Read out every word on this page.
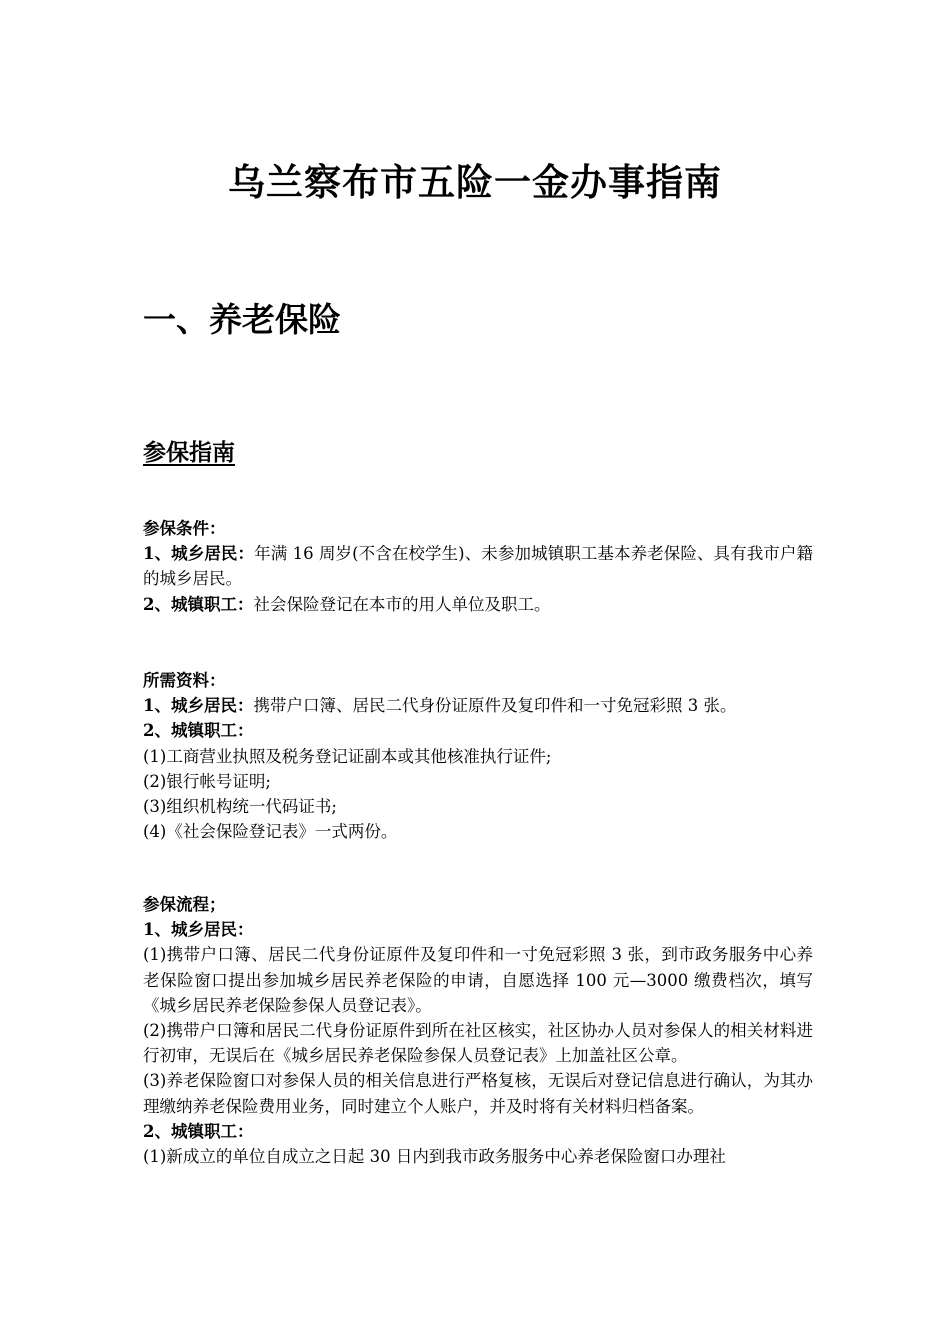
乌兰察布市五险一金办事指南
一、养老保险
参保指南

参保条件：

1、城乡居民：年满 16 周岁(不含在校学生)、未参加城镇职工基本养老保险、具有我市户籍的城乡居民。

2、城镇职工：社会保险登记在本市的用人单位及职工。

所需资料：

1、城乡居民：携带户口簿、居民二代身份证原件及复印件和一寸免冠彩照 3 张。

2、城镇职工：

(1)工商营业执照及税务登记证副本或其他核准执行证件;

(2)银行帐号证明;

(3)组织机构统一代码证书;

(4)《社会保险登记表》一式两份。

参保流程；

1、城乡居民：

(1)携带户口簿、居民二代身份证原件及复印件和一寸免冠彩照 3 张，到市政务服务中心养老保险窗口提出参加城乡居民养老保险的申请，自愿选择 100 元—3000 缴费档次，填写《城乡居民养老保险参保人员登记表》。

(2)携带户口簿和居民二代身份证原件到所在社区核实，社区协办人员对参保人的相关材料进行初审，无误后在《城乡居民养老保险参保人员登记表》上加盖社区公章。

(3)养老保险窗口对参保人员的相关信息进行严格复核，无误后对登记信息进行确认，为其办理缴纳养老保险费用业务，同时建立个人账户，并及时将有关材料归档备案。

2、城镇职工：

(1)新成立的单位自成立之日起 30 日内到我市政务服务中心养老保险窗口办理社
